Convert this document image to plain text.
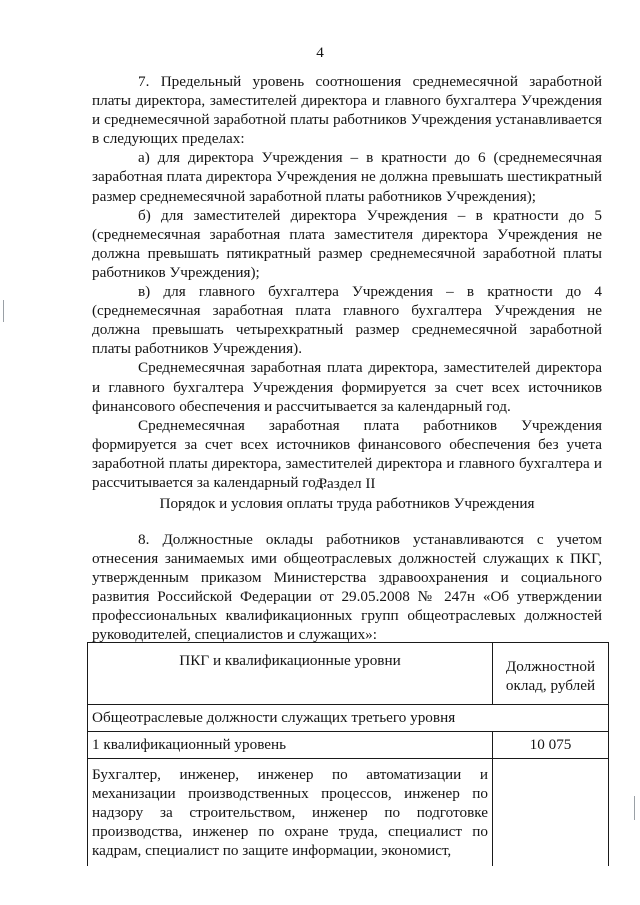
4

7. Предельный уровень соотношения среднемесячной заработной платы директора, заместителей директора и главного бухгалтера Учреждения и среднемесячной заработной платы работников Учреждения устанавливается в следующих пределах:

а) для директора Учреждения – в кратности до 6 (среднемесячная заработная плата директора Учреждения не должна превышать шестикратный размер среднемесячной заработной платы работников Учреждения);

б) для заместителей директора Учреждения – в кратности до 5 (среднемесячная заработная плата заместителя директора Учреждения не должна превышать пятикратный размер среднемесячной заработной платы работников Учреждения);

в) для главного бухгалтера Учреждения – в кратности до 4 (среднемесячная заработная плата главного бухгалтера Учреждения не должна превышать четырехкратный размер среднемесячной заработной платы работников Учреждения).

Среднемесячная заработная плата директора, заместителей директора и главного бухгалтера Учреждения формируется за счет всех источников финансового обеспечения и рассчитывается за календарный год.

Среднемесячная заработная плата работников Учреждения формируется за счет всех источников финансового обеспечения без учета заработной платы директора, заместителей директора и главного бухгалтера и рассчитывается за календарный год.

Раздел II

Порядок и условия оплаты труда работников Учреждения

8. Должностные оклады работников устанавливаются с учетом отнесения занимаемых ими общеотраслевых должностей служащих к ПКГ, утвержденным приказом Министерства здравоохранения и социального развития Российской Федерации от 29.05.2008 № 247н «Об утверждении профессиональных квалификационных групп общеотраслевых должностей руководителей, специалистов и служащих»:

ПКГ и квалификационные уровни	Должностной оклад, рублей
Общеотраслевые должности служащих третьего уровня	
1 квалификационный уровень	10 075
Бухгалтер, инженер, инженер по автоматизации и механизации производственных процессов, инженер по надзору за строительством, инженер по подготовке производства, инженер по охране труда, специалист по кадрам, специалист по защите информации, экономист,	
